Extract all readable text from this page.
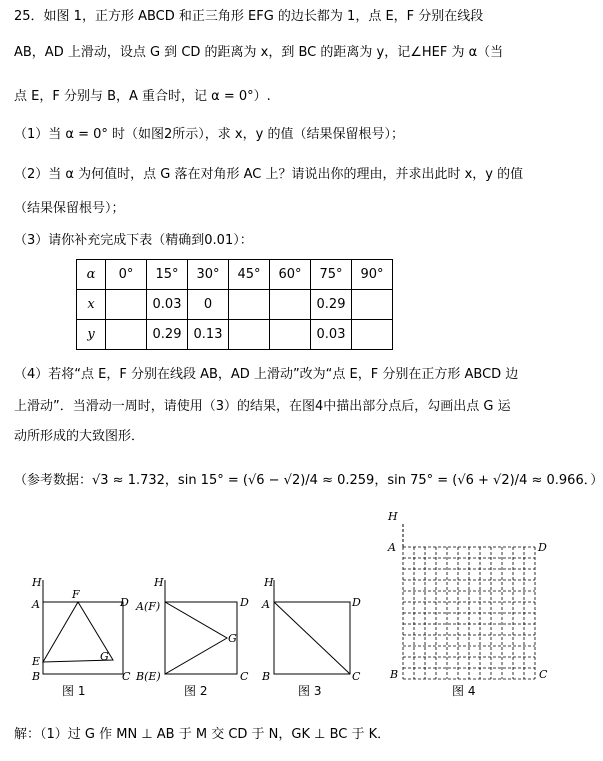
25．如图 1，正方形 ABCD 和正三角形 EFG 的边长都为 1，点 E，F 分别在线段
AB，AD 上滑动，设点 G 到 CD 的距离为 x，到 BC 的距离为 y，记∠HEF 为 α（当
点 E，F 分别与 B，A 重合时，记 α = 0°）.
（1）当 α = 0° 时（如图2所示），求 x，y 的值（结果保留根号）；
（2）当 α 为何值时，点 G 落在对角形 AC 上？请说出你的理由，并求出此时 x，y 的值
（结果保留根号）；
（3）请你补充完成下表（精确到0.01）：
α	0°	15°	30°	45°	60°	75°	90°
x		0.03	0			0.29	
y		0.29	0.13			0.03	
（4）若将“点 E，F 分别在线段 AB，AD 上滑动”改为“点 E，F 分别在正方形 ABCD 边
上滑动”．当滑动一周时，请使用（3）的结果，在图4中描出部分点后，勾画出点 G 运
动所形成的大致图形．
（参考数据：√3 ≈ 1.732，sin 15° = (√6 − √2)/4 ≈ 0.259，sin 75° = (√6 + √2)/4 ≈ 0.966．）
H
A	D
F
E
B	C
G
图 1
H
A(F)	D
G
B(E)	C
图 2
H
A	D
B	C
图 3
H
A	D
B	C
图 4
解：（1）过 G 作 MN ⊥ AB 于 M 交 CD 于 N，GK ⊥ BC 于 K．
